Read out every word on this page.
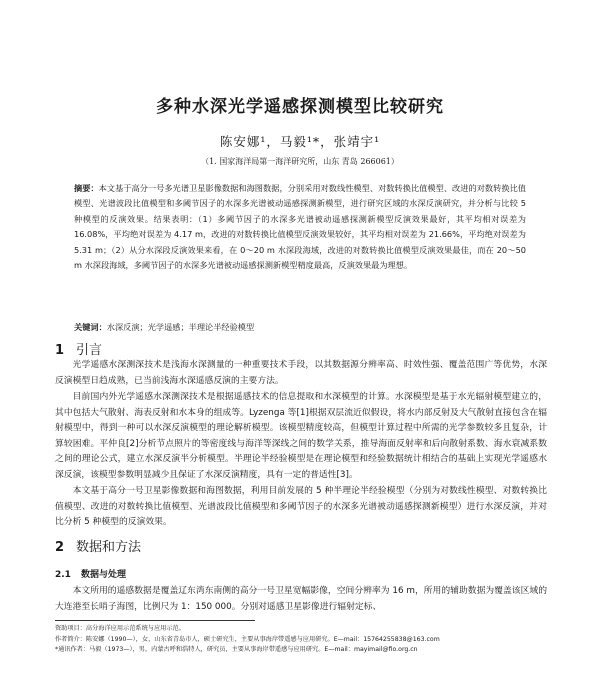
多种水深光学遥感探测模型比较研究
陈安娜¹，马毅¹*，张靖宇¹
（1. 国家海洋局第一海洋研究所，山东 青岛 266061）
摘要：本文基于高分一号多光谱卫星影像数据和海图数据，分别采用对数线性模型、对数转换比值模型、改进的对数转换比值模型、光谱波段比值模型和多阈节因子的水深多光谱被动遥感探测新模型，进行研究区域的水深反演研究，并分析与比较 5 种模型的反演效果。结果表明：（1）多阈节因子的水深多光谱被动遥感探测新模型反演效果最好，其平均相对误差为 16.08%，平均绝对误差为 4.17 m，改进的对数转换比值模型反演效果较好，其平均相对误差为 21.66%，平均绝对误差为 5.31 m；（2）从分水深段反演效果来看，在 0～20 m 水深段海域，改进的对数转换比值模型反演效果最佳，而在 20～50 m 水深段海域，多阈节因子的水深多光谱被动遥感探测新模型精度最高，反演效果最为理想。
关键词：水深反演；光学遥感；半理论半经验模型
1 引言
光学遥感水深测深技术是浅海水深测量的一种重要技术手段，以其数据源分辨率高、时效性强、覆盖范围广等优势，水深反演模型日趋成熟，已当前浅海水深遥感反演的主要方法。
目前国内外光学遥感水深测深技术是根据遥感技术的信息提取和水深模型的计算。水深模型是基于水光辐射模型建立的，其中包括大气散射、海表反射和水本身的组成等。Lyzenga 等[1]根据双层流近似假设，将水内部反射及大气散射直接包含在辐射模型中，得到一种可以水深反演模型的理论解析模型。该模型精度较高，但模型计算过程中所需的光学参数较多且复杂，计算较困难。平仲良[2]分析节点照片的等密度线与海洋等深线之间的数学关系，推导海面反射率和后向散射系数、海水衰减系数之间的理论公式，建立水深反演半分析模型。半理论半经验模型是在理论模型和经验数据统计相结合的基础上实现光学遥感水深反演，该模型参数明显减少且保证了水深反演精度，具有一定的普适性[3]。
本文基于高分一号卫星影像数据和海图数据，利用目前发展的 5 种半理论半经验模型（分别为对数线性模型、对数转换比值模型、改进的对数转换比值模型、光谱波段比值模型和多阈节因子的水深多光谱被动遥感探测新模型）进行水深反演，并对比分析 5 种模型的反演效果。
2 数据和方法
2.1 数据与处理
本文所用的遥感数据是覆盖辽东湾东南侧的高分一号卫星宽幅影像，空间分辨率为 16 m，所用的辅助数据为覆盖该区域的大连港至长哨子海图，比例尺为 1：150 000。分别对遥感卫星影像进行辐射定标、
资助项目：高分海洋应用示范系统与应用示范。
作者简介：陈安娜（1990—），女，山东省青岛市人，硕士研究生，主要从事海岸带遥感与应用研究。E—mail：15764255838@163.com
*通讯作者：马毅（1973—），男，内蒙古呼和浩特人，研究员，主要从事海岸带遥感与应用研究。E—mail：mayimail@fio.org.cn
